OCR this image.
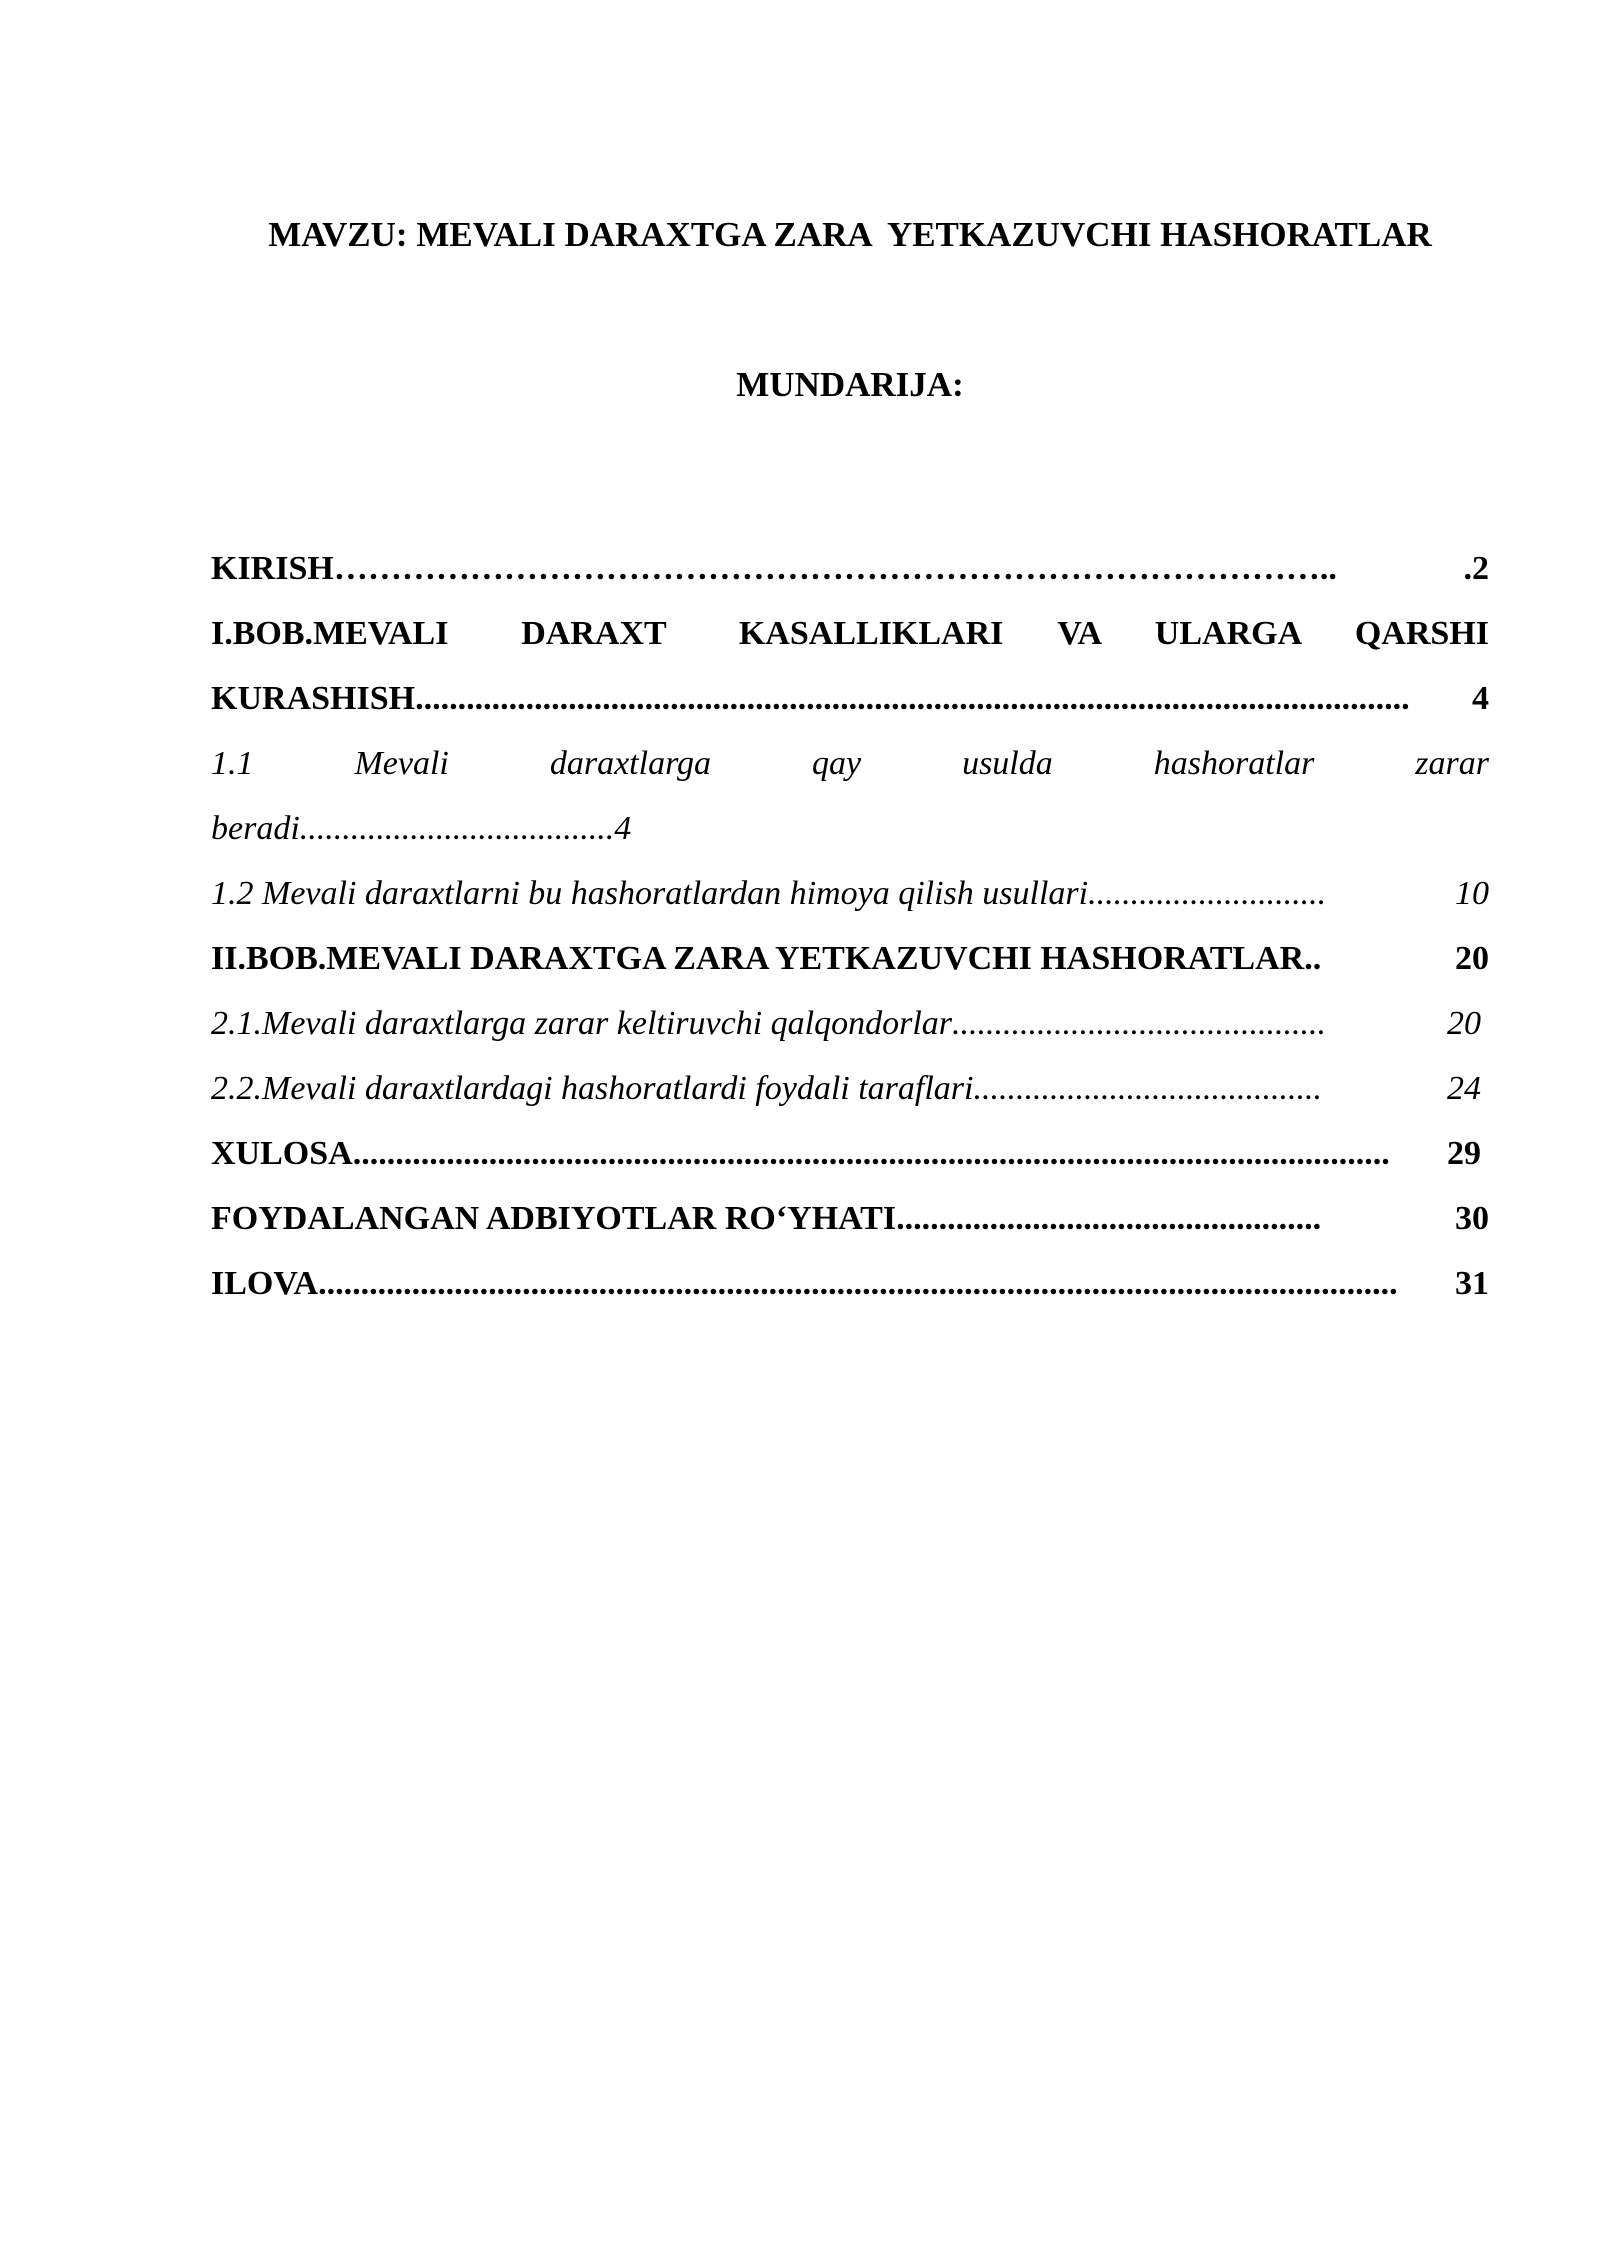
MAVZU: MEVALI DARAXTGA ZARA  YETKAZUVCHI HASHORATLAR

MUNDARIJA:

KIRISH ……………………………………………………………………………..	.2
I.BOB.MEVALI    DARAXT    KASALLIKLARI   VA   ULARGA   QARSHI
KURASHISH .....................................................................................................................	4
1.1       Mevali       daraxtlarga       qay       usulda       hashoratlar       zarar
beradi.....................................4
1.2 Mevali daraxtlarni bu hashoratlardan himoya qilish usullari ............................	10
II.BOB.MEVALI DARAXTGA ZARA YETKAZUVCHI HASHORATLAR ..	20
2.1.Mevali daraxtlarga zarar keltiruvchi qalqondorlar ............................................	20
2.2.Mevali daraxtlardagi hashoratlardi foydali taraflari .........................................	24
XULOSA ..........................................................................................................................	29
FOYDALANGAN ADBIYOTLAR RO‘YHATI ..................................................	30
ILOVA ...............................................................................................................................	31
